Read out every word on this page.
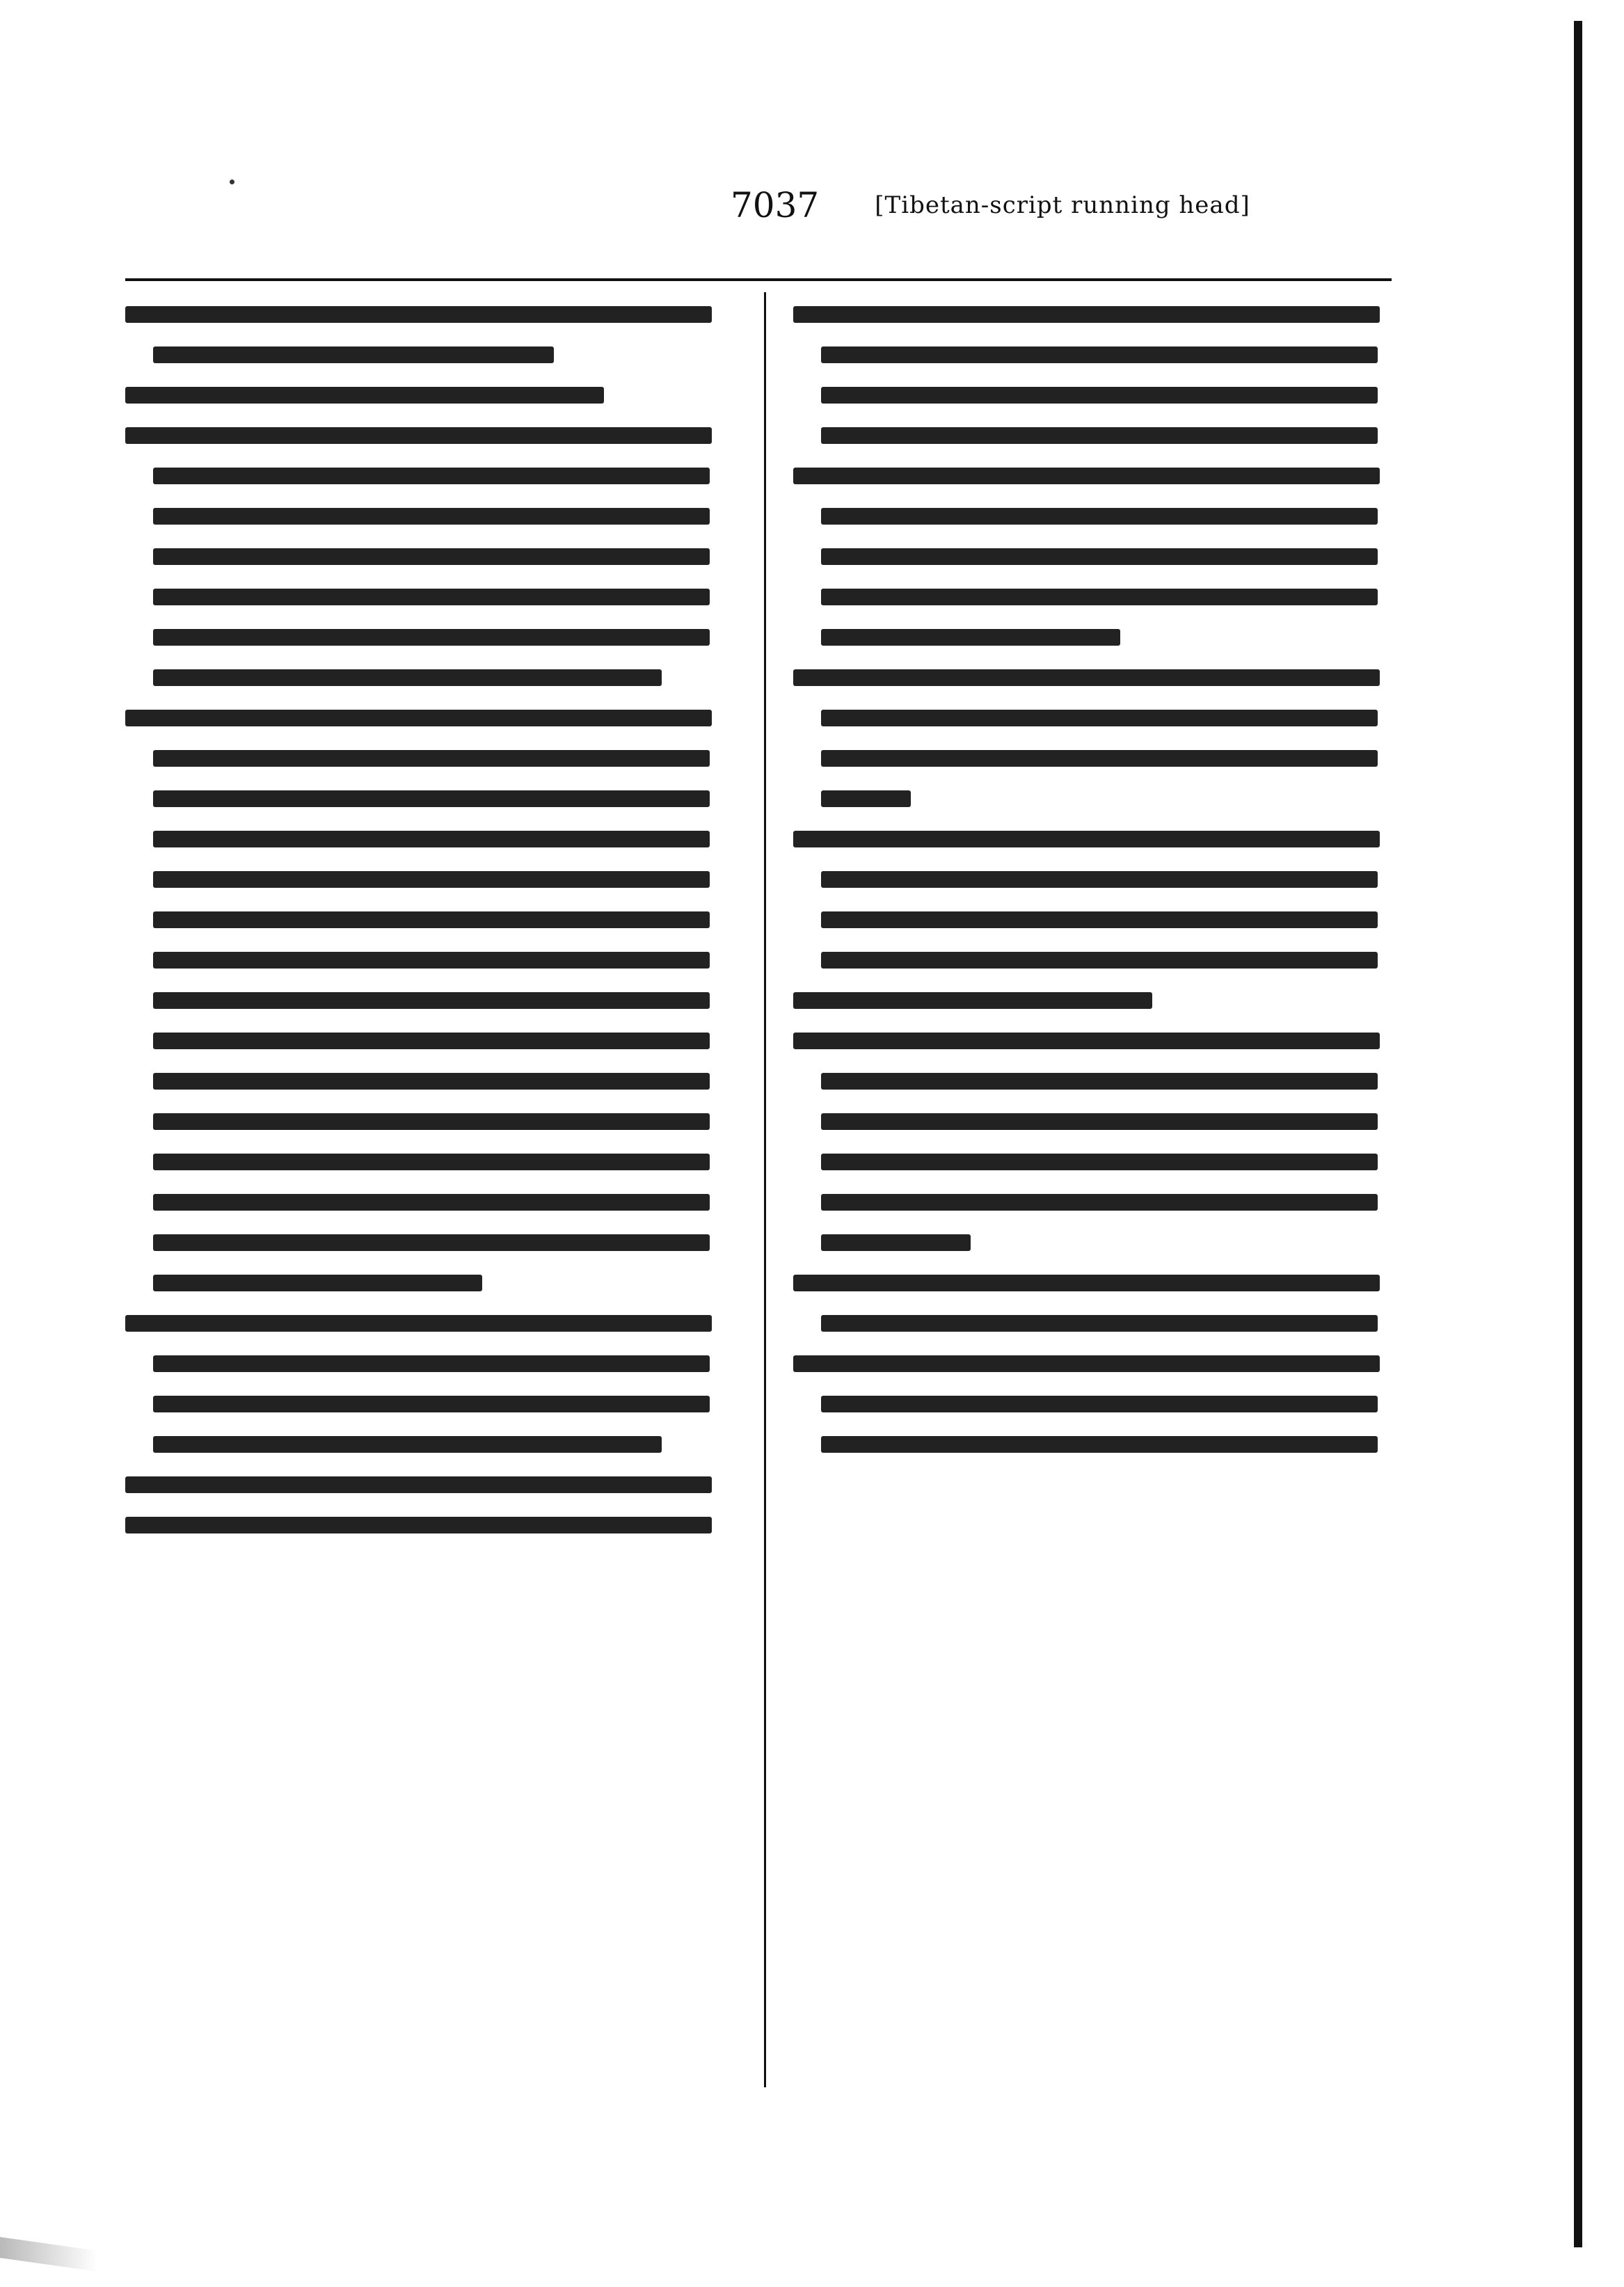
7037 [Tibetan-script running head]
